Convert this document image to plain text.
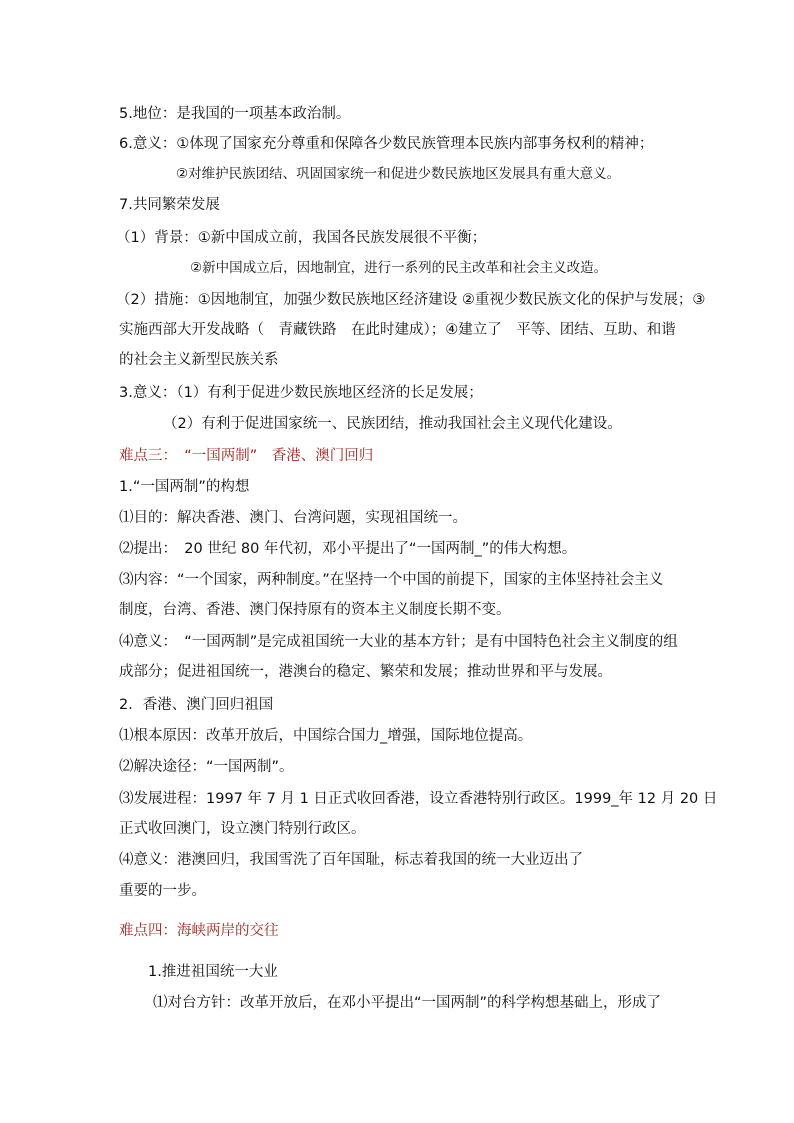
5.地位：是我国的一项基本政治制。
6.意义：①体现了国家充分尊重和保障各少数民族管理本民族内部事务权利的精神；
②对维护民族团结、巩固国家统一和促进少数民族地区发展具有重大意义。
7.共同繁荣发展
（1）背景：①新中国成立前，我国各民族发展很不平衡；
②新中国成立后，因地制宜，进行一系列的民主改革和社会主义改造。
（2）措施：①因地制宜，加强少数民族地区经济建设 ②重视少数民族文化的保护与发展；③
实施西部大开发战略（　青藏铁路　在此时建成）；④建立了　平等、团结、互助、和谐
的社会主义新型民族关系
3.意义：（1）有利于促进少数民族地区经济的长足发展；
（2）有利于促进国家统一、民族团结，推动我国社会主义现代化建设。
难点三：　“一国两制”　香港、澳门回归
1.“一国两制”的构想
⑴目的：解决香港、澳门、台湾问题，实现祖国统一。
⑵提出：　20 世纪 80 年代初，邓小平提出了“一国两制_”的伟大构想。
⑶内容：“一个国家，两种制度。”在坚持一个中国的前提下，国家的主体坚持社会主义
制度，台湾、香港、澳门保持原有的资本主义制度长期不变。
⑷意义：　“一国两制”是完成祖国统一大业的基本方针；是有中国特色社会主义制度的组
成部分；促进祖国统一，港澳台的稳定、繁荣和发展；推动世界和平与发展。
2．香港、澳门回归祖国
⑴根本原因：改革开放后，中国综合国力_增强，国际地位提高。
⑵解决途径：“一国两制”。
⑶发展进程：1997 年 7 月 1 日正式收回香港，设立香港特别行政区。1999_年 12 月 20 日
正式收回澳门，设立澳门特别行政区。
⑷意义：港澳回归，我国雪洗了百年国耻，标志着我国的统一大业迈出了
重要的一步。
难点四：海峡两岸的交往
1.推进祖国统一大业
⑴对台方针：改革开放后，在邓小平提出“一国两制”的科学构想基础上，形成了
